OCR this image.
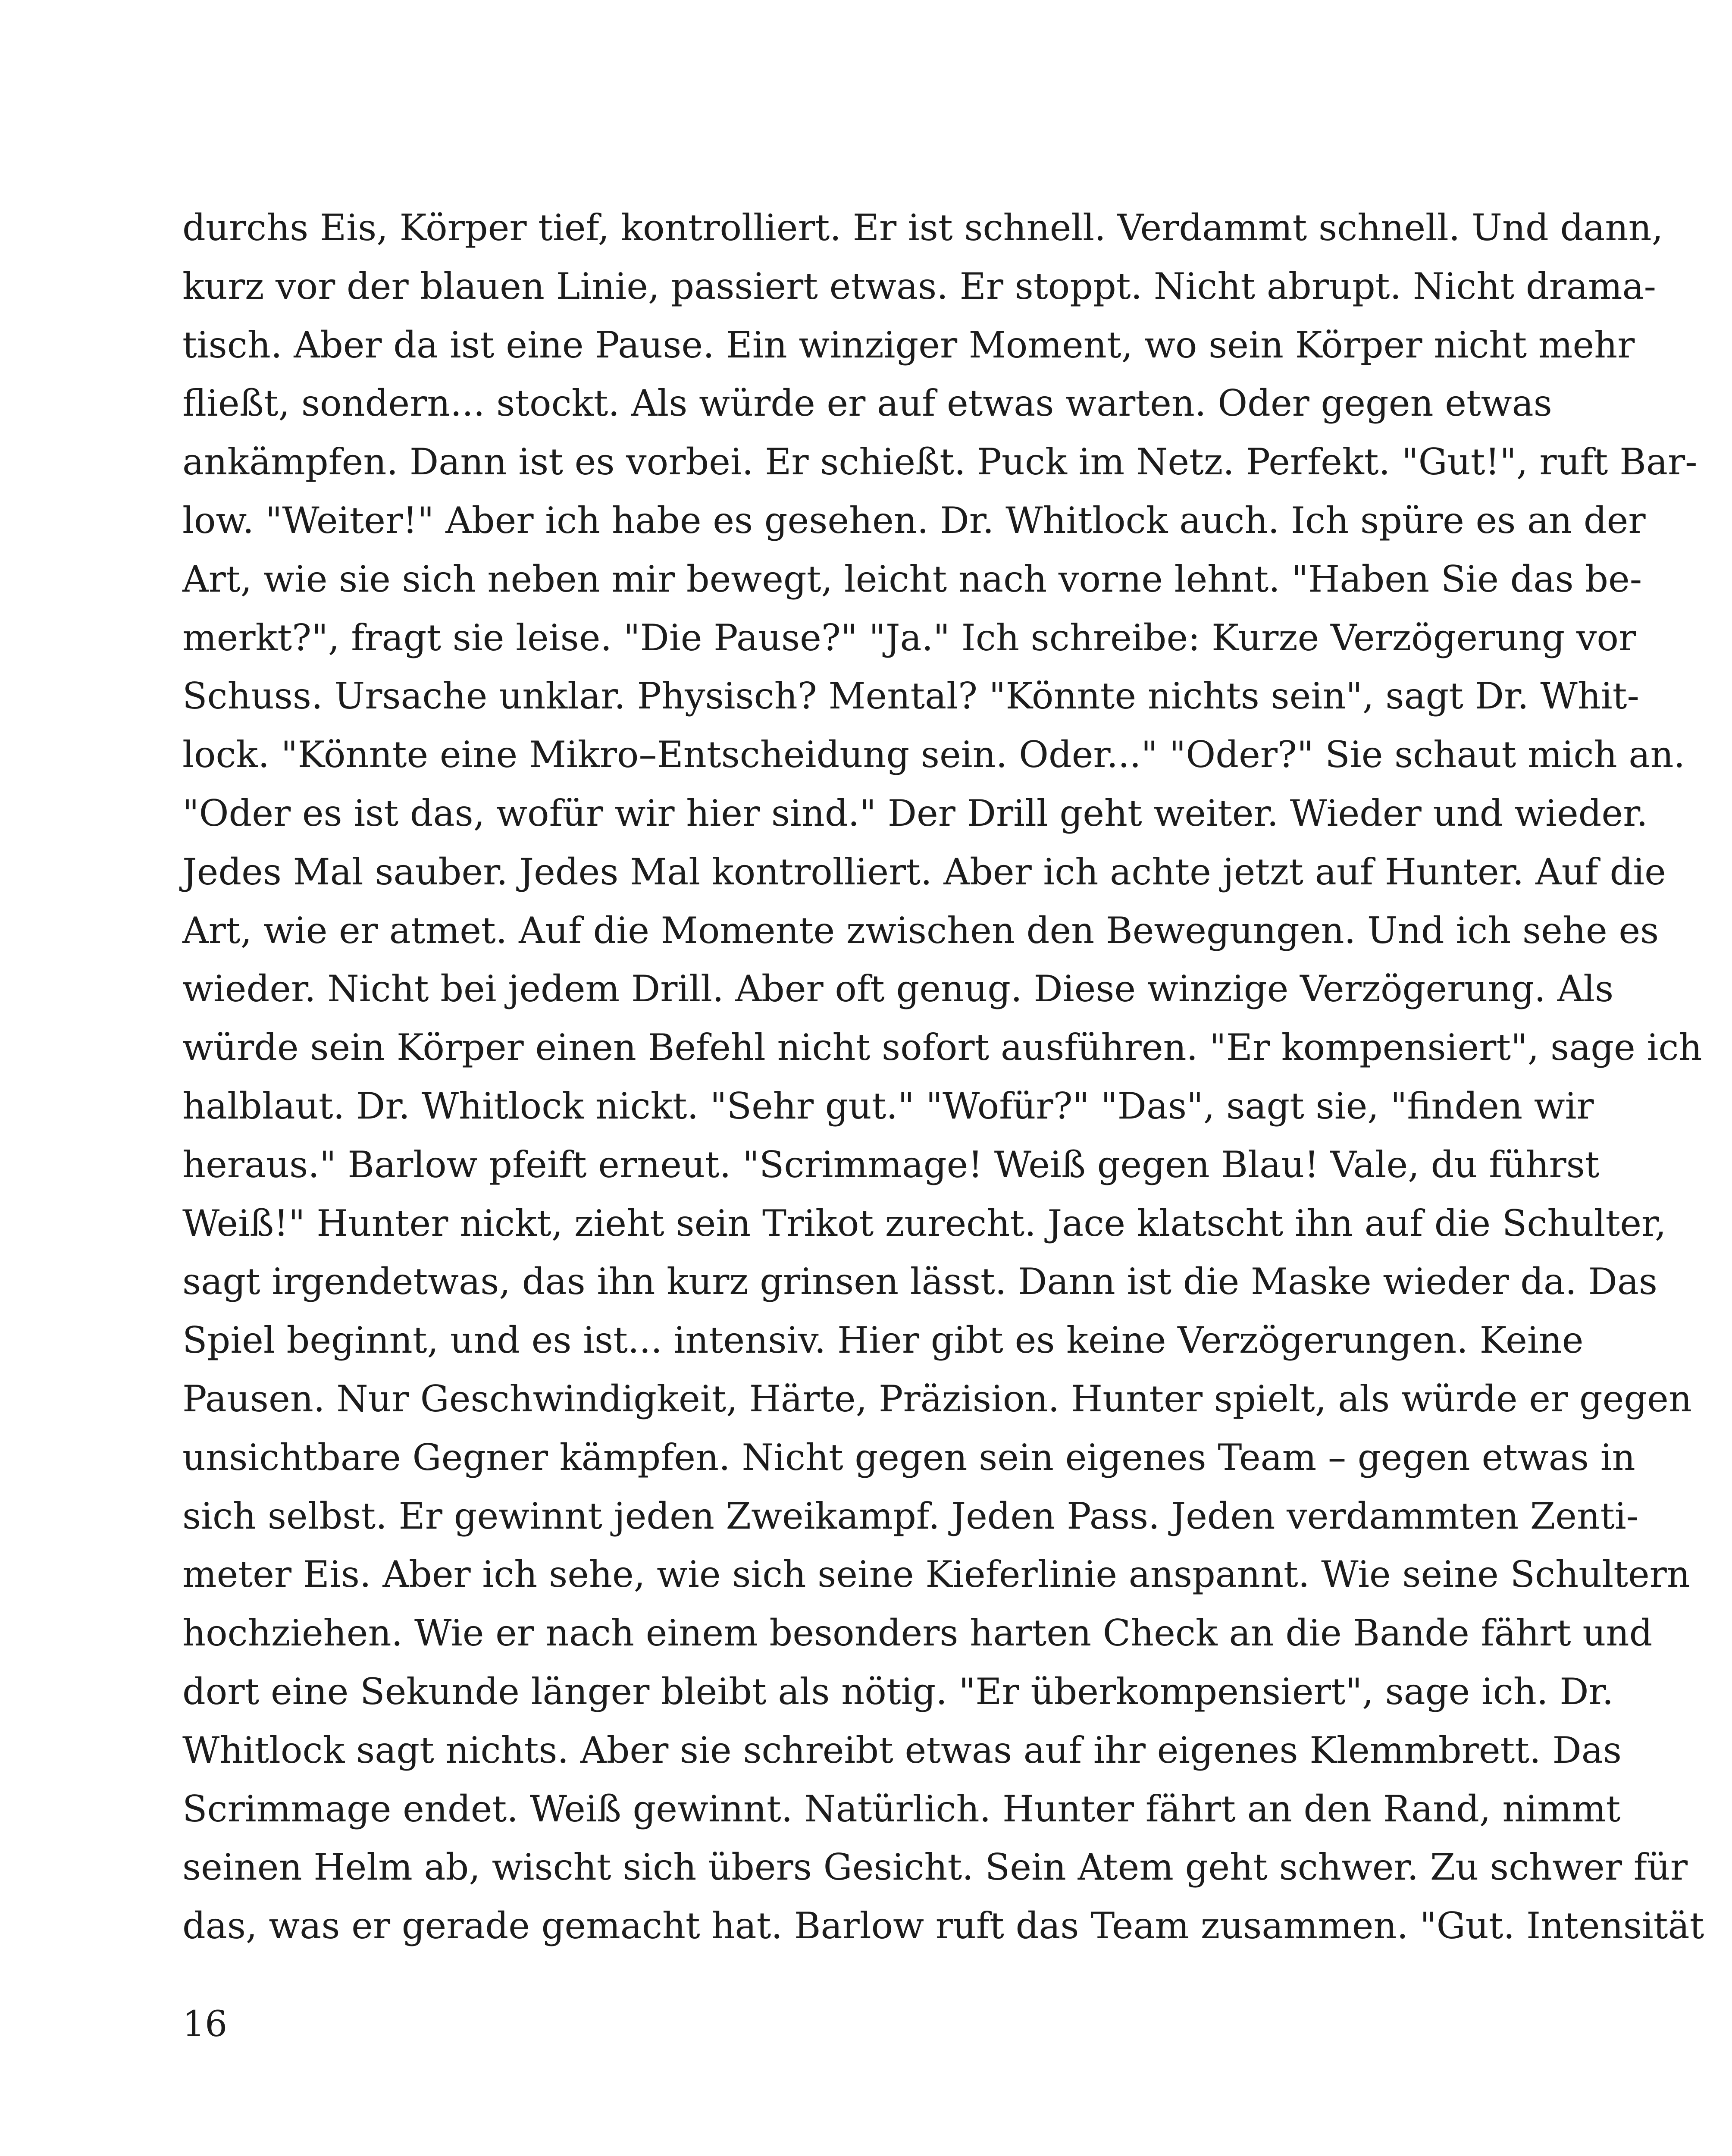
durchs Eis, Körper tief, kontrolliert. Er ist schnell. Verdammt schnell. Und dann,
kurz vor der blauen Linie, passiert etwas. Er stoppt. Nicht abrupt. Nicht drama-
tisch. Aber da ist eine Pause. Ein winziger Moment, wo sein Körper nicht mehr
fließt, sondern... stockt. Als würde er auf etwas warten. Oder gegen etwas
ankämpfen. Dann ist es vorbei. Er schießt. Puck im Netz. Perfekt. "Gut!", ruft Bar-
low. "Weiter!" Aber ich habe es gesehen. Dr. Whitlock auch. Ich spüre es an der
Art, wie sie sich neben mir bewegt, leicht nach vorne lehnt. "Haben Sie das be-
merkt?", fragt sie leise. "Die Pause?" "Ja." Ich schreibe: Kurze Verzögerung vor
Schuss. Ursache unklar. Physisch? Mental? "Könnte nichts sein", sagt Dr. Whit-
lock. "Könnte eine Mikro–Entscheidung sein. Oder..." "Oder?" Sie schaut mich an.
"Oder es ist das, wofür wir hier sind." Der Drill geht weiter. Wieder und wieder.
Jedes Mal sauber. Jedes Mal kontrolliert. Aber ich achte jetzt auf Hunter. Auf die
Art, wie er atmet. Auf die Momente zwischen den Bewegungen. Und ich sehe es
wieder. Nicht bei jedem Drill. Aber oft genug. Diese winzige Verzögerung. Als
würde sein Körper einen Befehl nicht sofort ausführen. "Er kompensiert", sage ich
halblaut. Dr. Whitlock nickt. "Sehr gut." "Wofür?" "Das", sagt sie, "finden wir
heraus." Barlow pfeift erneut. "Scrimmage! Weiß gegen Blau! Vale, du führst
Weiß!" Hunter nickt, zieht sein Trikot zurecht. Jace klatscht ihn auf die Schulter,
sagt irgendetwas, das ihn kurz grinsen lässt. Dann ist die Maske wieder da. Das
Spiel beginnt, und es ist... intensiv. Hier gibt es keine Verzögerungen. Keine
Pausen. Nur Geschwindigkeit, Härte, Präzision. Hunter spielt, als würde er gegen
unsichtbare Gegner kämpfen. Nicht gegen sein eigenes Team – gegen etwas in
sich selbst. Er gewinnt jeden Zweikampf. Jeden Pass. Jeden verdammten Zenti-
meter Eis. Aber ich sehe, wie sich seine Kieferlinie anspannt. Wie seine Schultern
hochziehen. Wie er nach einem besonders harten Check an die Bande fährt und
dort eine Sekunde länger bleibt als nötig. "Er überkompensiert", sage ich. Dr.
Whitlock sagt nichts. Aber sie schreibt etwas auf ihr eigenes Klemmbrett. Das
Scrimmage endet. Weiß gewinnt. Natürlich. Hunter fährt an den Rand, nimmt
seinen Helm ab, wischt sich übers Gesicht. Sein Atem geht schwer. Zu schwer für
das, was er gerade gemacht hat. Barlow ruft das Team zusammen. "Gut. Intensität

16
